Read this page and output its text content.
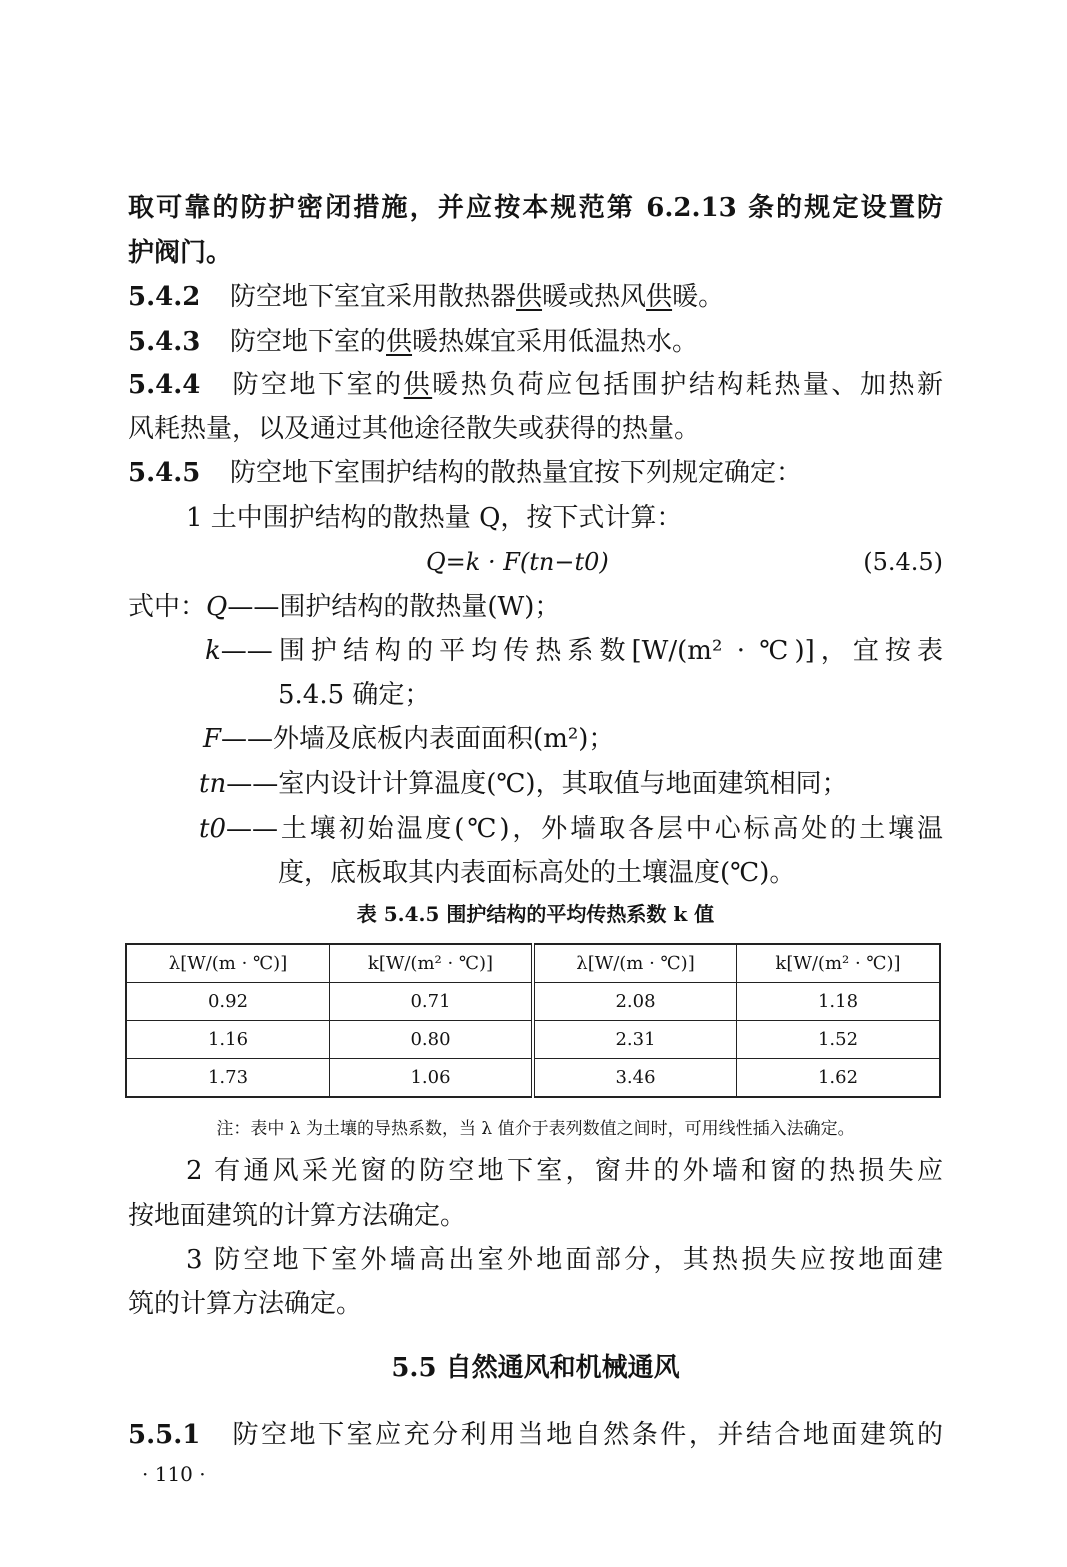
取可靠的防护密闭措施，并应按本规范第 6.2.13 条的规定设置防
护阀门。
5.4.2 防空地下室宜采用散热器供暖或热风供暖。
5.4.3 防空地下室的供暖热媒宜采用低温热水。
5.4.4 防空地下室的供暖热负荷应包括围护结构耗热量、加热新
风耗热量，以及通过其他途径散失或获得的热量。
5.4.5 防空地下室围护结构的散热量宜按下列规定确定：
1 土中围护结构的散热量 Q，按下式计算：
Q=k · F(tn−t0)	(5.4.5)
式中：Q——围护结构的散热量(W)；
k——围护结构的平均传热系数[W/(m² · ℃)]，宜按表
5.4.5 确定；
F——外墙及底板内表面面积(m²)；
tn——室内设计计算温度(℃)，其取值与地面建筑相同；
t0——土壤初始温度(℃)，外墙取各层中心标高处的土壤温
度，底板取其内表面标高处的土壤温度(℃)。
表 5.4.5 围护结构的平均传热系数 k 值
λ[W/(m · ℃)]	k[W/(m² · ℃)]	λ[W/(m · ℃)]	k[W/(m² · ℃)]
0.92	0.71	2.08	1.18
1.16	0.80	2.31	1.52
1.73	1.06	3.46	1.62
注：表中 λ 为土壤的导热系数，当 λ 值介于表列数值之间时，可用线性插入法确定。
2 有通风采光窗的防空地下室，窗井的外墙和窗的热损失应
按地面建筑的计算方法确定。
3 防空地下室外墙高出室外地面部分，其热损失应按地面建
筑的计算方法确定。
5.5 自然通风和机械通风
5.5.1 防空地下室应充分利用当地自然条件，并结合地面建筑的
· 110 ·
